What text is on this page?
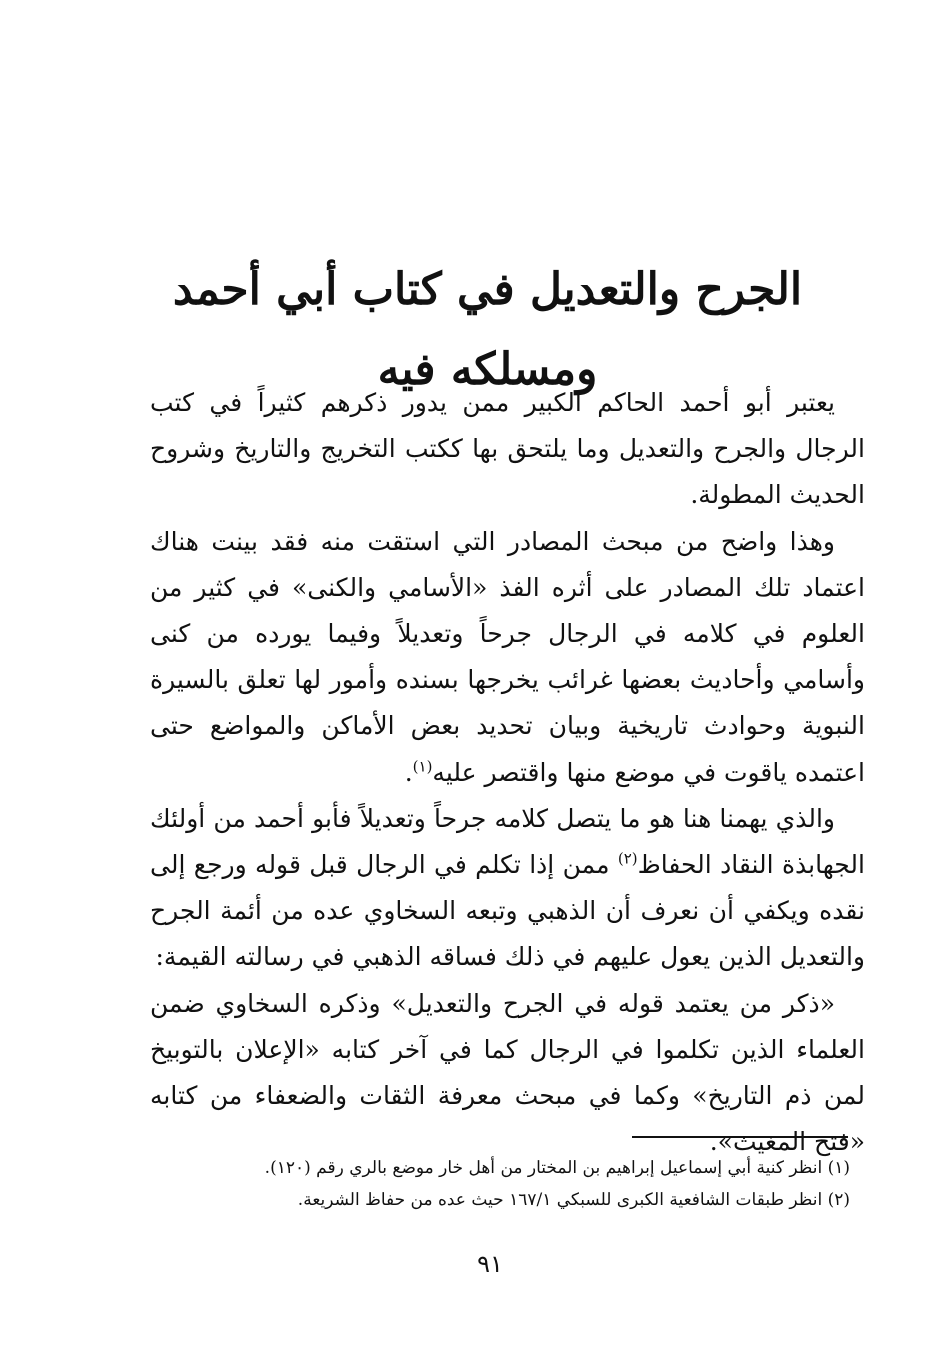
الجرح والتعديل في كتاب أبي أحمد ومسلكه فيه

يعتبر أبو أحمد الحاكم الكبير ممن يدور ذكرهم كثيراً في كتب الرجال والجرح والتعديل وما يلتحق بها ككتب التخريج والتاريخ وشروح الحديث المطولة.

وهذا واضح من مبحث المصادر التي استقت منه فقد بينت هناك اعتماد تلك المصادر على أثره الفذ «الأسامي والكنى» في كثير من العلوم في كلامه في الرجال جرحاً وتعديلاً وفيما يورده من كنى وأسامي وأحاديث بعضها غرائب يخرجها بسنده وأمور لها تعلق بالسيرة النبوية وحوادث تاريخية وبيان تحديد بعض الأماكن والمواضع حتى اعتمده ياقوت في موضع منها واقتصر عليه$^{(١)}$.

والذي يهمنا هنا هو ما يتصل كلامه جرحاً وتعديلاً فأبو أحمد من أولئك الجهابذة النقاد الحفاظ$^{(٢)}$ ممن إذا تكلم في الرجال قبل قوله ورجع إلى نقده ويكفي أن نعرف أن الذهبي وتبعه السخاوي عده من أئمة الجرح والتعديل الذين يعول عليهم في ذلك فساقه الذهبي في رسالته القيمة:

«ذكر من يعتمد قوله في الجرح والتعديل» وذكره السخاوي ضمن العلماء الذين تكلموا في الرجال كما في آخر كتابه «الإعلان بالتوبيخ لمن ذم التاريخ» وكما في مبحث معرفة الثقات والضعفاء من كتابه «فتح المغيث».

(١) انظر كنية أبي إسماعيل إبراهيم بن المختار من أهل خار موضع بالري رقم (١٢٠).
(٢) انظر طبقات الشافعية الكبرى للسبكي ١٦٧/١ حيث عده من حفاظ الشريعة.
٩١
